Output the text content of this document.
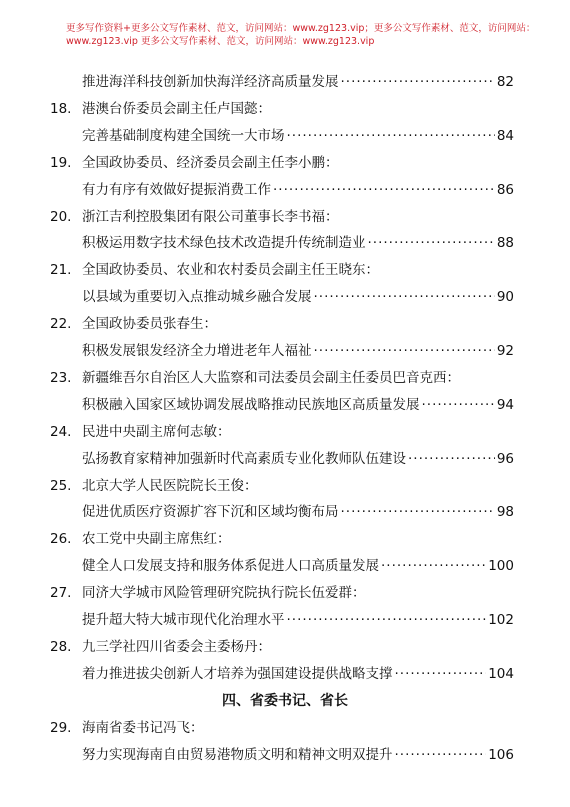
更多写作资料+更多公文写作素材、范文，访问网站：www.zg123.vip；更多公文写作素材、范文，访问网站：
www.zg123.vip 更多公文写作素材、范文，访问网站：www.zg123.vip
推进海洋科技创新加快海洋经济高质量发展 ·····	82
18. 港澳台侨委员会副主任卢国懿：
完善基础制度构建全国统一大市场 ·····	84
19. 全国政协委员、经济委员会副主任李小鹏：
有力有序有效做好提振消费工作 ·····	86
20. 浙江吉利控股集团有限公司董事长李书福：
积极运用数字技术绿色技术改造提升传统制造业 ·····	88
21. 全国政协委员、农业和农村委员会副主任王晓东：
以县域为重要切入点推动城乡融合发展 ·····	90
22. 全国政协委员张春生：
积极发展银发经济全力增进老年人福祉 ·····	92
23. 新疆维吾尔自治区人大监察和司法委员会副主任委员巴音克西：
积极融入国家区域协调发展战略推动民族地区高质量发展 ·····	94
24. 民进中央副主席何志敏：
弘扬教育家精神加强新时代高素质专业化教师队伍建设 ·····	96
25. 北京大学人民医院院长王俊：
促进优质医疗资源扩容下沉和区域均衡布局 ·····	98
26. 农工党中央副主席焦红：
健全人口发展支持和服务体系促进人口高质量发展 ·····	100
27. 同济大学城市风险管理研究院执行院长伍爱群：
提升超大特大城市现代化治理水平 ·····	102
28. 九三学社四川省委会主委杨丹：
着力推进拔尖创新人才培养为强国建设提供战略支撑 ·····	104
四、省委书记、省长
29. 海南省委书记冯飞：
努力实现海南自由贸易港物质文明和精神文明双提升 ·····	106
